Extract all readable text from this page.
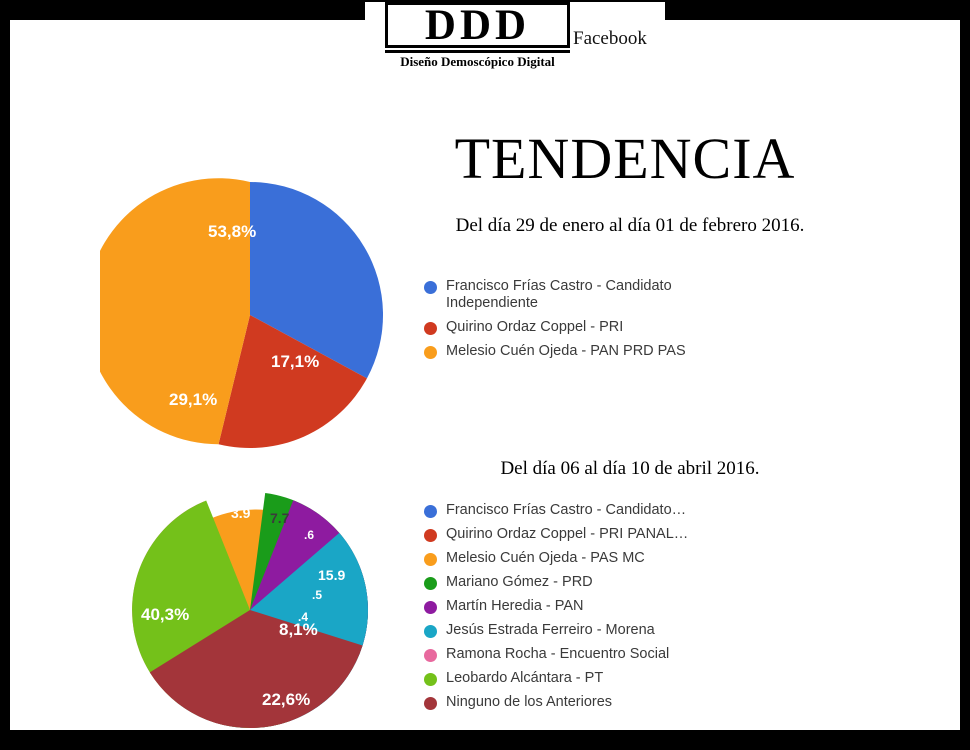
DDD
Diseño Demoscópico Digital
Facebook
TENDENCIA
Del día 29 de enero al día 01 de febrero 2016.
17,1%
29,1%
53,8%
Francisco Frías Castro - Candidato Independiente
Quirino Ordaz Coppel - PRI
Melesio Cuén Ojeda - PAN PRD PAS
Del día 06 al día 10 de abril 2016.
8,1%
22,6%
40,3%
3.9 7.7
.6
.4
.5
15.9
Francisco Frías Castro - Candidato…
Quirino Ordaz Coppel - PRI PANAL…
Melesio Cuén Ojeda - PAS MC
Mariano Gómez - PRD
Martín Heredia - PAN
Jesús Estrada Ferreiro - Morena
Ramona Rocha - Encuentro Social
Leobardo Alcántara - PT
Ninguno de los Anteriores
